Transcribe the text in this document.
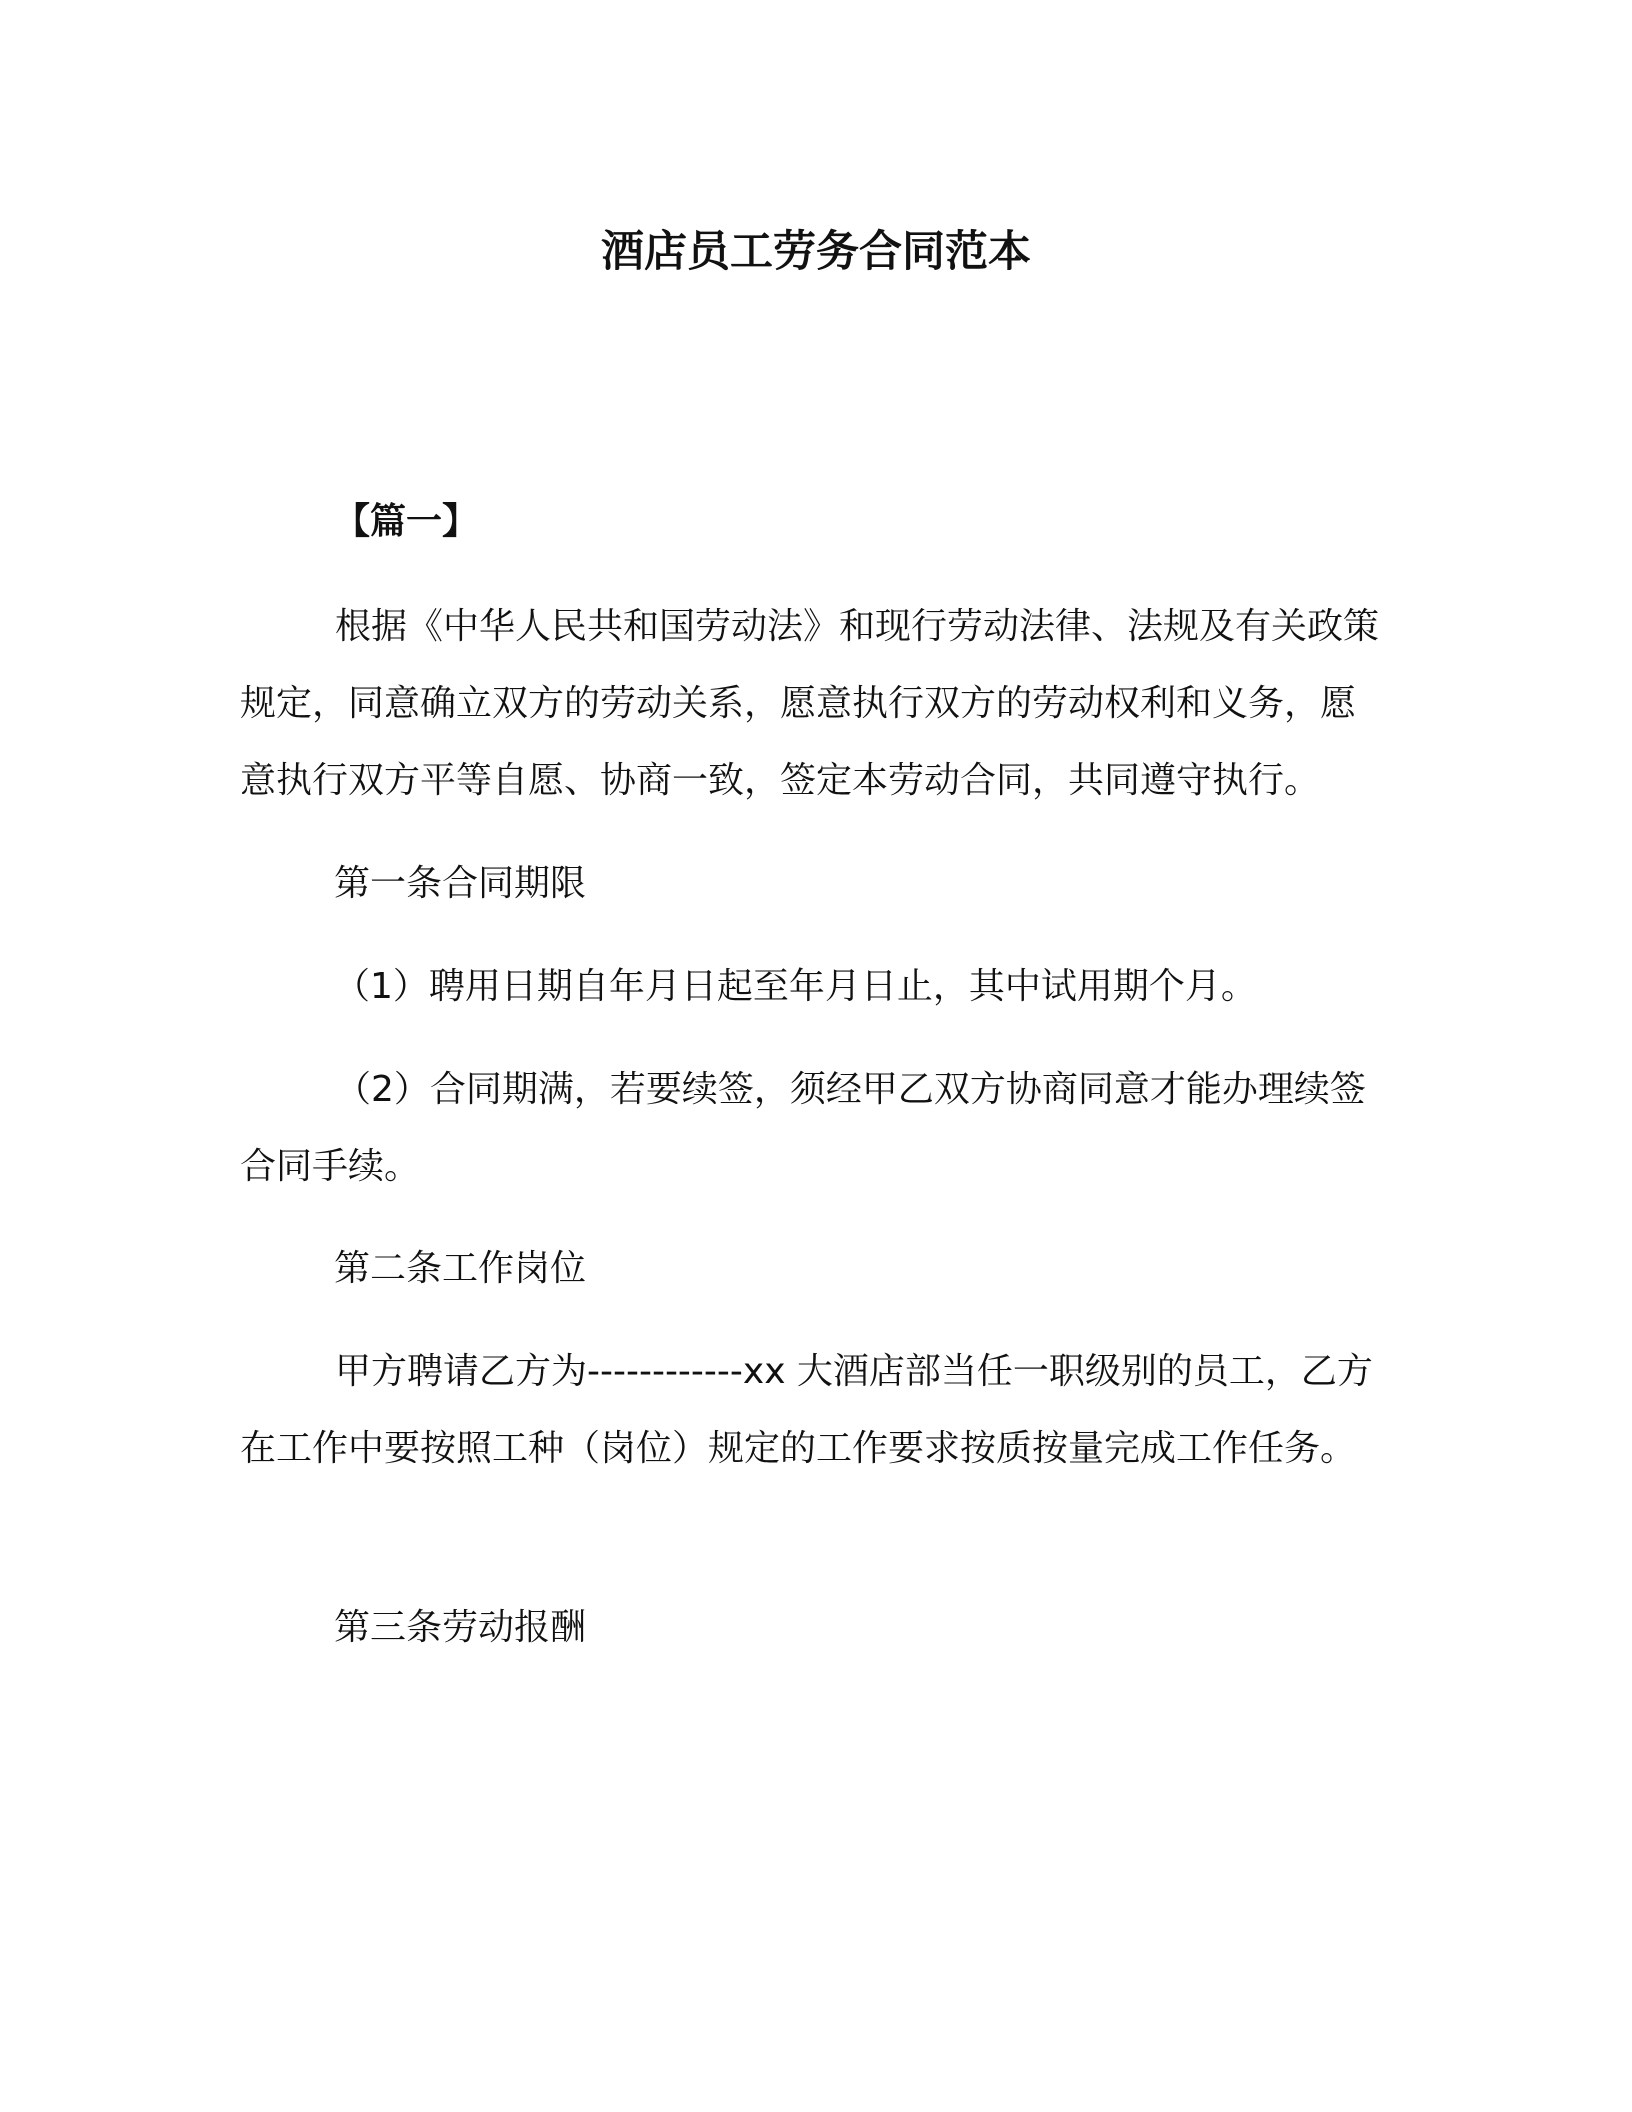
酒店员工劳务合同范本

【篇一】

根据《中华人民共和国劳动法》和现行劳动法律、法规及有关政策规定，同意确立双方的劳动关系，愿意执行双方的劳动权利和义务，愿意执行双方平等自愿、协商一致，签定本劳动合同，共同遵守执行。

第一条合同期限

（1）聘用日期自年月日起至年月日止，其中试用期个月。

（2）合同期满，若要续签，须经甲乙双方协商同意才能办理续签合同手续。

第二条工作岗位

甲方聘请乙方为------------xx 大酒店部当任一职级别的员工，乙方在工作中要按照工种（岗位）规定的工作要求按质按量完成工作任务。

第三条劳动报酬
